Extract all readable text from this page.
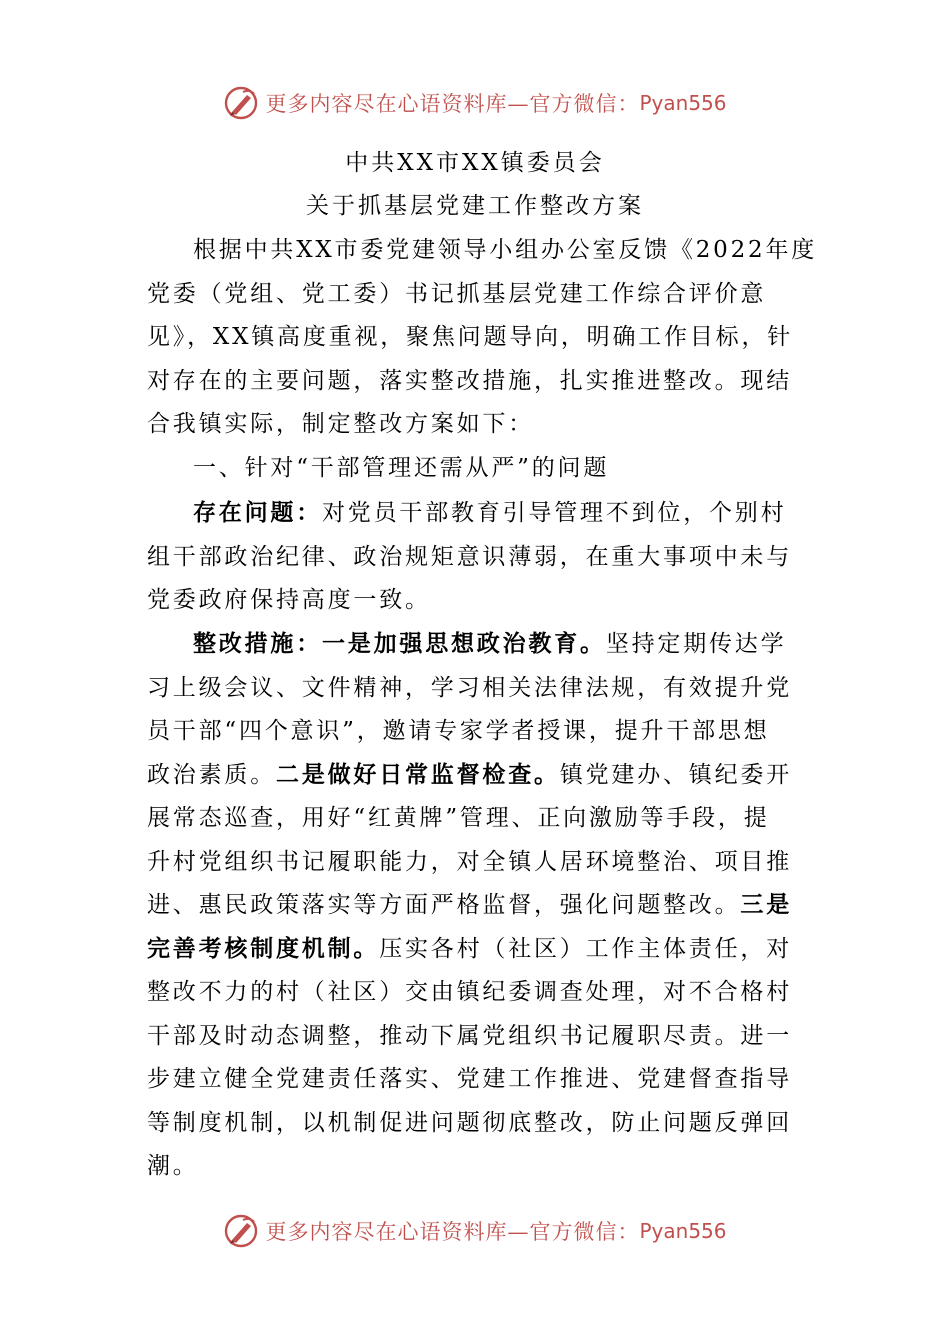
更多内容尽在心语资料库—官方微信： Pyan556
中共XX市XX镇委员会
关于抓基层党建工作整改方案
根据中共XX市委党建领导小组办公室反馈《2022年度
党委（党组、党工委）书记抓基层党建工作综合评价意
见》，XX镇高度重视，聚焦问题导向，明确工作目标，针
对存在的主要问题，落实整改措施，扎实推进整改。现结
合我镇实际，制定整改方案如下：
一、针对“干部管理还需从严”的问题
存在问题：对党员干部教育引导管理不到位，个别村
组干部政治纪律、政治规矩意识薄弱，在重大事项中未与
党委政府保持高度一致。
整改措施：一是加强思想政治教育。坚持定期传达学
习上级会议、文件精神，学习相关法律法规，有效提升党
员干部“四个意识”，邀请专家学者授课，提升干部思想
政治素质。二是做好日常监督检查。镇党建办、镇纪委开
展常态巡查，用好“红黄牌”管理、正向激励等手段，提
升村党组织书记履职能力，对全镇人居环境整治、项目推
进、惠民政策落实等方面严格监督，强化问题整改。三是
完善考核制度机制。压实各村（社区）工作主体责任，对
整改不力的村（社区）交由镇纪委调查处理，对不合格村
干部及时动态调整，推动下属党组织书记履职尽责。进一
步建立健全党建责任落实、党建工作推进、党建督查指导
等制度机制，以机制促进问题彻底整改，防止问题反弹回
潮。
更多内容尽在心语资料库—官方微信： Pyan556
